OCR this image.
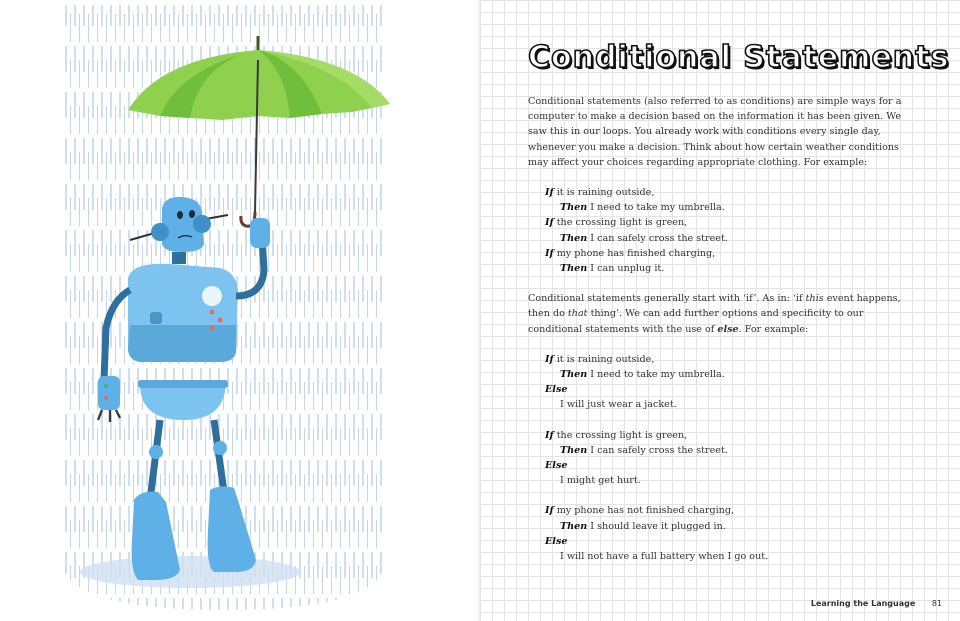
Conditional Statements

Conditional statements (also referred to as conditions) are simple ways for a computer to make a decision based on the information it has been given. We saw this in our loops. You already work with conditions every single day, whenever you make a decision. Think about how certain weather conditions may affect your choices regarding appropriate clothing. For example:

If it is raining outside,
Then I need to take my umbrella.
If the crossing light is green,
Then I can safely cross the street.
If my phone has finished charging,
Then I can unplug it.

Conditional statements generally start with ‘if’. As in: ‘if this event happens, then do that thing’. We can add further options and specificity to our conditional statements with the use of else. For example:

If it is raining outside,
Then I need to take my umbrella.
Else
I will just wear a jacket.
If the crossing light is green,
Then I can safely cross the street.
Else
I might get hurt.
If my phone has not finished charging,
Then I should leave it plugged in.
Else
I will not have a full battery when I go out.
Learning the Language 81
